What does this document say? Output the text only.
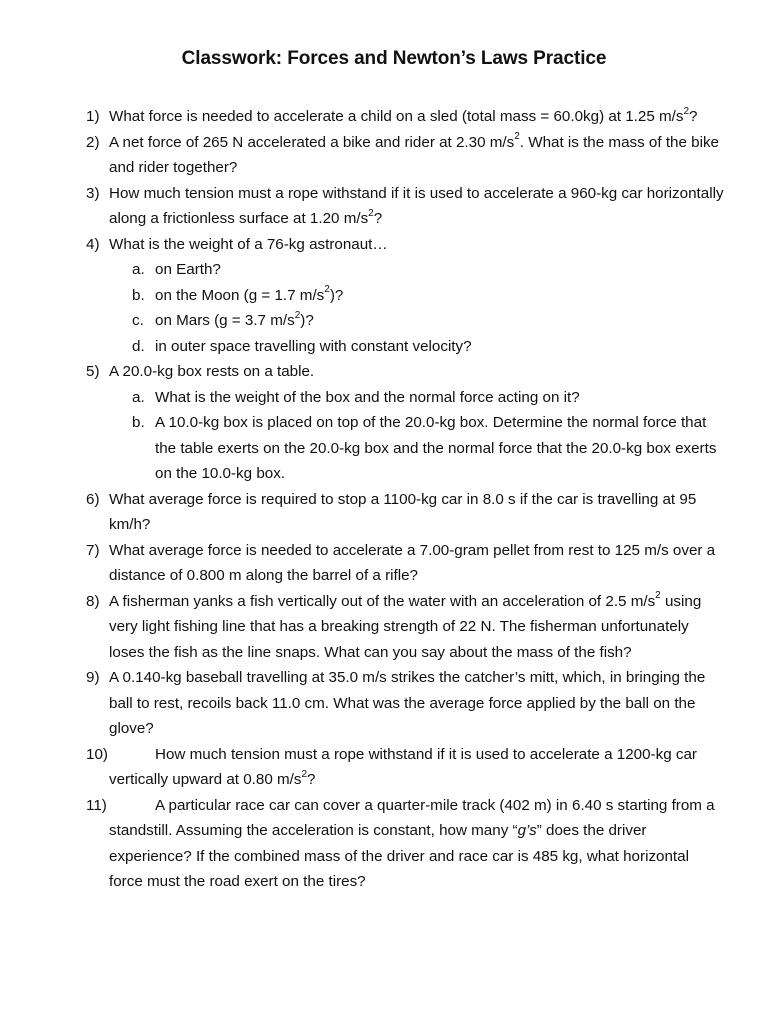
Classwork: Forces and Newton’s Laws Practice
1) What force is needed to accelerate a child on a sled (total mass = 60.0kg) at 1.25 $m/s^2$?
2) A net force of 265 N accelerated a bike and rider at 2.30 $m/s^2$. What is the mass of the bike and rider together?
3) How much tension must a rope withstand if it is used to accelerate a 960-kg car horizontally along a frictionless surface at 1.20 $m/s^2$?
4) What is the weight of a 76-kg astronaut…
a. on Earth?
b. on the Moon (g = 1.7 $m/s^2$)?
c. on Mars (g = 3.7 $m/s^2$)?
d. in outer space travelling with constant velocity?
5) A 20.0-kg box rests on a table.
a. What is the weight of the box and the normal force acting on it?
b. A 10.0-kg box is placed on top of the 20.0-kg box. Determine the normal force that the table exerts on the 20.0-kg box and the normal force that the 20.0-kg box exerts on the 10.0-kg box.
6) What average force is required to stop a 1100-kg car in 8.0 s if the car is travelling at 95 km/h?
7) What average force is needed to accelerate a 7.00-gram pellet from rest to 125 m/s over a distance of 0.800 m along the barrel of a rifle?
8) A fisherman yanks a fish vertically out of the water with an acceleration of 2.5 $m/s^2$ using very light fishing line that has a breaking strength of 22 N. The fisherman unfortunately loses the fish as the line snaps. What can you say about the mass of the fish?
9) A 0.140-kg baseball travelling at 35.0 m/s strikes the catcher’s mitt, which, in bringing the ball to rest, recoils back 11.0 cm. What was the average force applied by the ball on the glove?
10)	How much tension must a rope withstand if it is used to accelerate a 1200-kg car vertically upward at 0.80 $m/s^2$?
11)	A particular race car can cover a quarter-mile track (402 m) in 6.40 s starting from a standstill. Assuming the acceleration is constant, how many “g’s” does the driver experience? If the combined mass of the driver and race car is 485 kg, what horizontal force must the road exert on the tires?
